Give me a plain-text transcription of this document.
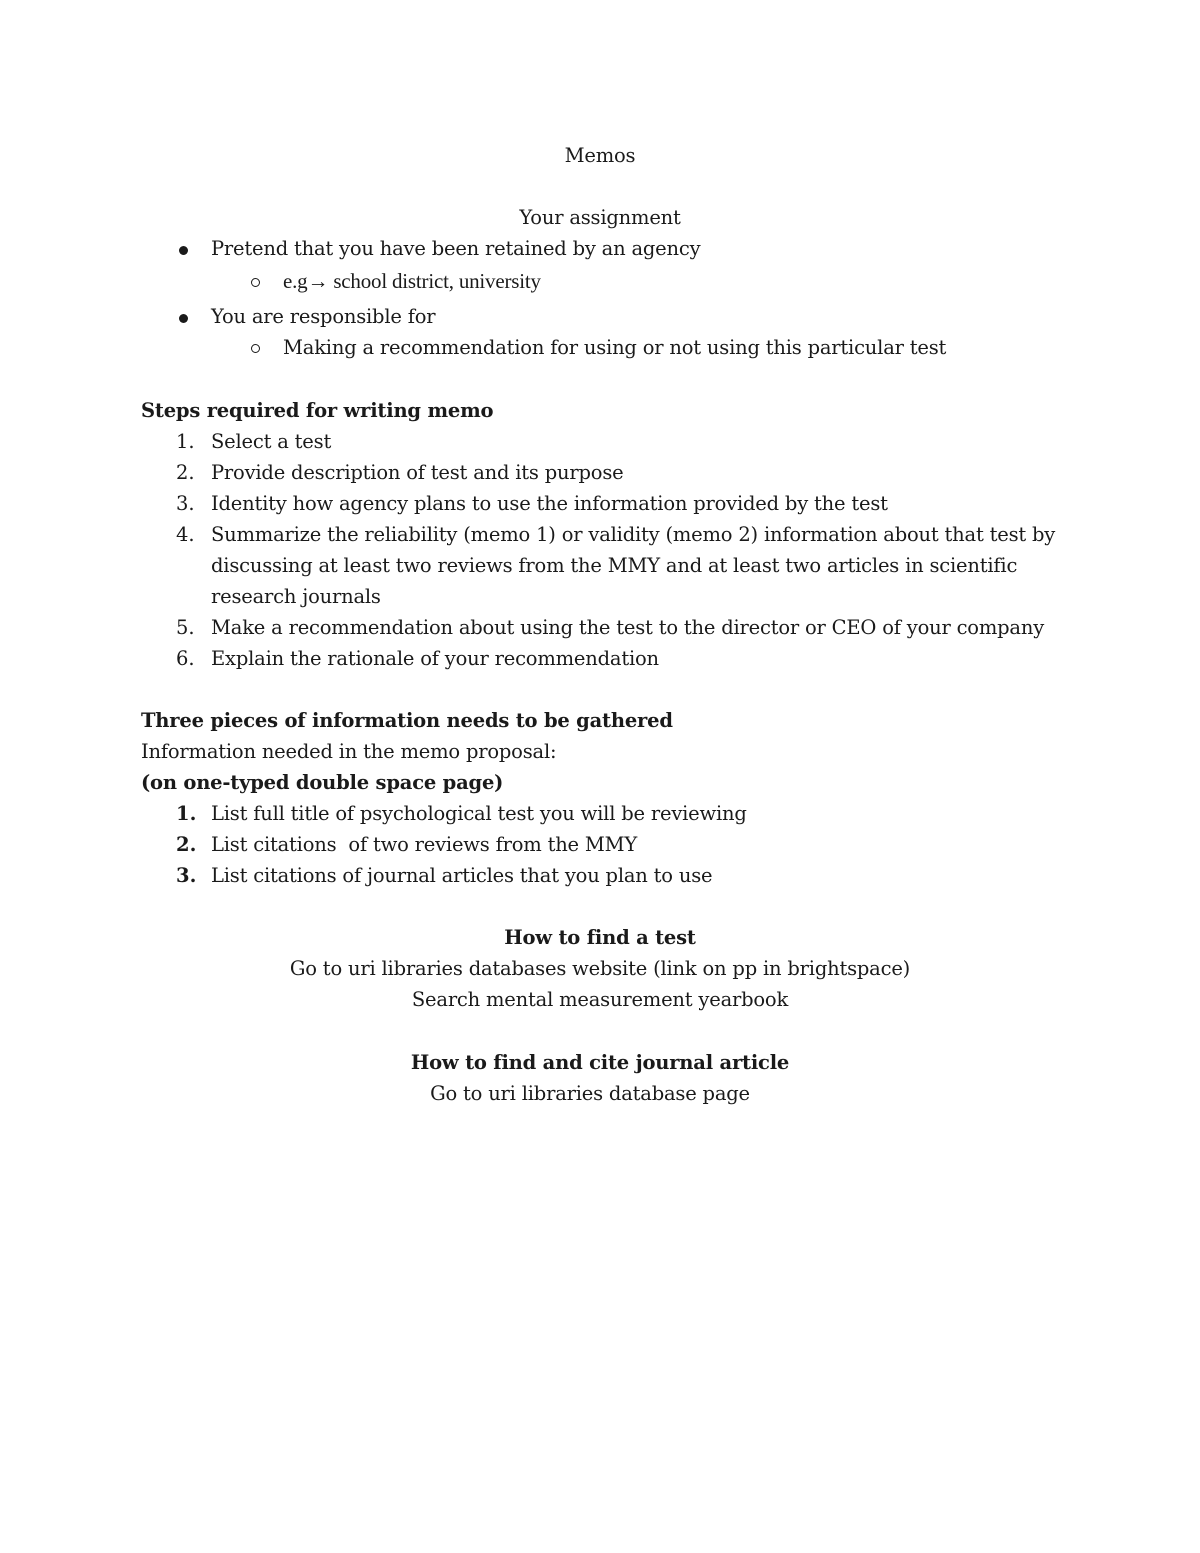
Memos
Your assignment
Pretend that you have been retained by an agency
e.g→ school district, university
You are responsible for
Making a recommendation for using or not using this particular test
Steps required for writing memo
1. Select a test
2. Provide description of test and its purpose
3. Identity how agency plans to use the information provided by the test
4. Summarize the reliability (memo 1) or validity (memo 2) information about that test by
discussing at least two reviews from the MMY and at least two articles in scientific
research journals
5. Make a recommendation about using the test to the director or CEO of your company
6. Explain the rationale of your recommendation
Three pieces of information needs to be gathered
Information needed in the memo proposal:
(on one-typed double space page)
1. List full title of psychological test you will be reviewing
2. List citations  of two reviews from the MMY
3. List citations of journal articles that you plan to use
How to find a test
Go to uri libraries databases website (link on pp in brightspace)
Search mental measurement yearbook
How to find and cite journal article
Go to uri libraries database page
